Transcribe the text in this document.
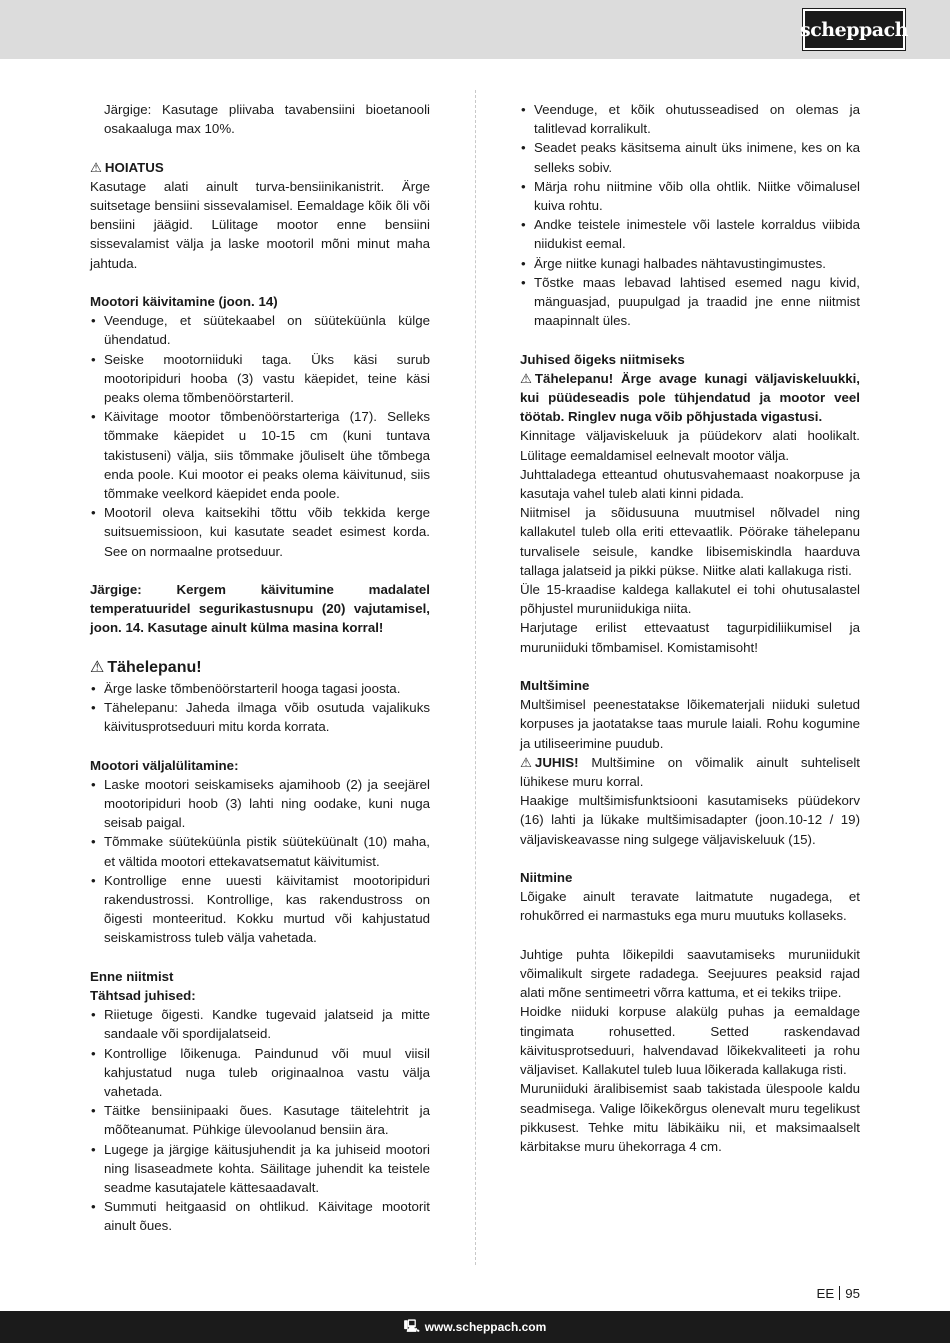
scheppach

Järgige: Kasutage pliivaba tavabensiini bioetanooli osakaaluga max 10%.

⚠ HOIATUS

Kasutage alati ainult turva-bensiinikanistrit. Ärge suitsetage bensiini sissevalamisel. Eemaldage kõik õli või bensiini jäägid. Lülitage mootor enne bensiini sissevalamist välja ja laske mootoril mõni minut maha jahtuda.

Mootori käivitamine (joon. 14)

• Veenduge, et süütekaabel on süüteküünla külge ühendatud.
• Seiske mootorniiduki taga. Üks käsi surub mootoripiduri hooba (3) vastu käepidet, teine käsi peaks olema tõmbenöörstarteril.
• Käivitage mootor tõmbenöörstarteriga (17). Selleks tõmmake käepidet u 10-15 cm (kuni tuntava takistuseni) välja, siis tõmmake jõuliselt ühe tõmbega enda poole. Kui mootor ei peaks olema käivitunud, siis tõmmake veelkord käepidet enda poole.
• Mootoril oleva kaitsekihi tõttu võib tekkida kerge suitsuemissioon, kui kasutate seadet esimest korda. See on normaalne protseduur.

Järgige: Kergem käivitumine madalatel temperatuuridel segurikastusnupu (20) vajutamisel, joon. 14. Kasutage ainult külma masina korral!

⚠ Tähelepanu!

• Ärge laske tõmbenöörstarteril hooga tagasi joosta.
• Tähelepanu: Jaheda ilmaga võib osutuda vajalikuks käivitusprotseduuri mitu korda korrata.

Mootori väljalülitamine:

• Laske mootori seiskamiseks ajamihoob (2) ja seejärel mootoripiduri hoob (3) lahti ning oodake, kuni nuga seisab paigal.
• Tõmmake süüteküünla pistik süüteküünalt (10) maha, et vältida mootori ettekavatsematut käivitumist.
• Kontrollige enne uuesti käivitamist mootoripiduri rakendustrossi. Kontrollige, kas rakendustross on õigesti monteeritud. Kokku murtud või kahjustatud seiskamistross tuleb välja vahetada.

Enne niitmist

Tähtsad juhised:

• Riietuge õigesti. Kandke tugevaid jalatseid ja mitte sandaale või spordijalatseid.
• Kontrollige lõikenuga. Paindunud või muul viisil kahjustatud nuga tuleb originaalnoa vastu välja vahetada.
• Täitke bensiinipaaki õues. Kasutage täitelehtrit ja mõõteanumat. Pühkige ülevoolanud bensiin ära.
• Lugege ja järgige käitusjuhendit ja ka juhiseid mootori ning lisaseadmete kohta. Säilitage juhendit ka teistele seadme kasutajatele kättesaadavalt.
• Summuti heitgaasid on ohtlikud. Käivitage mootorit ainult õues.
• Veenduge, et kõik ohutusseadised on olemas ja talitlevad korralikult.
• Seadet peaks käsitsema ainult üks inimene, kes on ka selleks sobiv.
• Märja rohu niitmine võib olla ohtlik. Niitke võimalusel kuiva rohtu.
• Andke teistele inimestele või lastele korraldus viibida niidukist eemal.
• Ärge niitke kunagi halbades nähtavustingimustes.
• Tõstke maas lebavad lahtised esemed nagu kivid, mänguasjad, puupulgad ja traadid jne enne niitmist maapinnalt üles.

Juhised õigeks niitmiseks

⚠ Tähelepanu! Ärge avage kunagi väljaviskeluukki, kui püüdeseadis pole tühjendatud ja mootor veel töötab. Ringlev nuga võib põhjustada vigastusi.

Kinnitage väljaviskeluuk ja püüdekorv alati hoolikalt. Lülitage eemaldamisel eelnevalt mootor välja.

Juhttaladega etteantud ohutusvahemaast noakorpuse ja kasutaja vahel tuleb alati kinni pidada.

Niitmisel ja sõidusuuna muutmisel nõlvadel ning kallakutel tuleb olla eriti ettevaatlik. Pöörake tähelepanu turvalisele seisule, kandke libisemiskindla haarduva tallaga jalatseid ja pikki pükse. Niitke alati kallakuga risti.

Üle 15-kraadise kaldega kallakutel ei tohi ohutusalastel põhjustel muruniidukiga niita.

Harjutage erilist ettevaatust tagurpidiliikumisel ja muruniiduki tõmbamisel. Komistamisoht!

Multšimine

Multšimisel peenestatakse lõikematerjali niiduki suletud korpuses ja jaotatakse taas murule laiali. Rohu kogumine ja utiliseerimine puudub.

⚠ JUHIS! Multšimine on võimalik ainult suhteliselt lühikese muru korral.

Haakige multšimisfunktsiooni kasutamiseks püüdekorv (16) lahti ja lükake multšimisadapter (joon.10-12 / 19) väljaviskeavasse ning sulgege väljaviskeluuk (15).

Niitmine

Lõigake ainult teravate laitmatute nugadega, et rohukõrred ei narmastuks ega muru muutuks kollaseks.

Juhtige puhta lõikepildi saavutamiseks muruniidukit võimalikult sirgete radadega. Seejuures peaksid rajad alati mõne sentimeetri võrra kattuma, et ei tekiks triipe.

Hoidke niiduki korpuse alakülg puhas ja eemaldage tingimata rohusetted. Setted raskendavad käivitusprotseduuri, halvendavad lõikekvaliteeti ja rohu väljaviset. Kallakutel tuleb luua lõikerada kallakuga risti.

Muruniiduki äralibisemist saab takistada ülespoole kaldu seadmisega. Valige lõikekõrgus olenevalt muru tegelikust pikkusest. Tehke mitu läbikäiku nii, et maksimaalselt kärbitakse muru ühekorraga 4 cm.

EE 95
🖳 www.scheppach.com
